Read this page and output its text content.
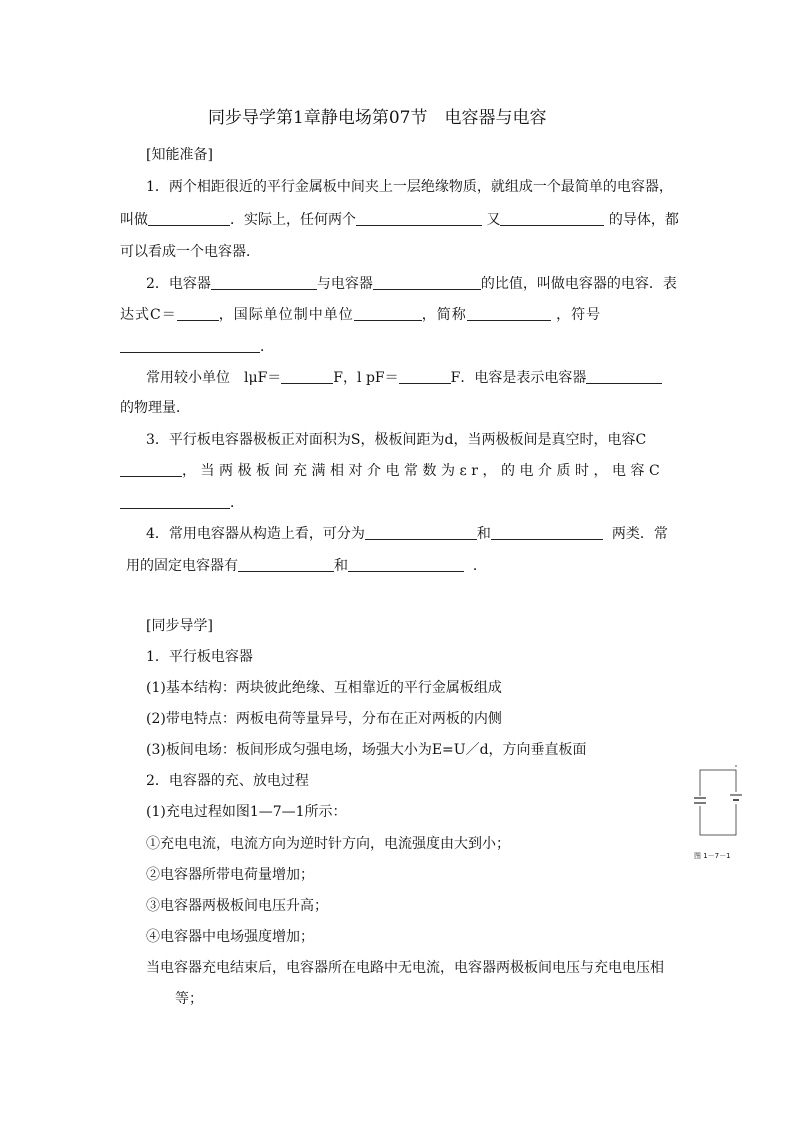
同步导学第1章静电场第07节　电容器与电容
[知能准备]
1．两个相距很近的平行金属板中间夹上一层绝缘物质，就组成一个最简单的电容器，
叫做	．实际上，任何两个	又	的导体，都
可以看成一个电容器．
2．电容器	与电容器	的比值，叫做电容器的电容．表
达式C＝	，国际单位制中单位	，简称	，符号
．
常用较小单位　lμF＝	F，l pF＝	F．电容是表示电容器
的物理量．
3．平行板电容器极板正对面积为S，极板间距为d，当两极板间是真空时，电容C
，当两极板间充满相对介电常数为εr，的电介质时，电容C
．
4．常用电容器从构造上看，可分为	和	两类．常
用的固定电容器有	和	．
[同步导学]
1．平行板电容器
(1)基本结构：两块彼此绝缘、互相靠近的平行金属板组成
(2)带电特点：两板电荷等量异号，分布在正对两板的内侧
(3)板间电场：板间形成匀强电场，场强大小为E=U／d，方向垂直板面
2．电容器的充、放电过程
(1)充电过程如图1—7—1所示：
①充电电流，电流方向为逆时针方向，电流强度由大到小；
②电容器所带电荷量增加；
③电容器两极板间电压升高；
④电容器中电场强度增加；
当电容器充电结束后，电容器所在电路中无电流，电容器两极板间电压与充电电压相
等；
图 1－7－1
